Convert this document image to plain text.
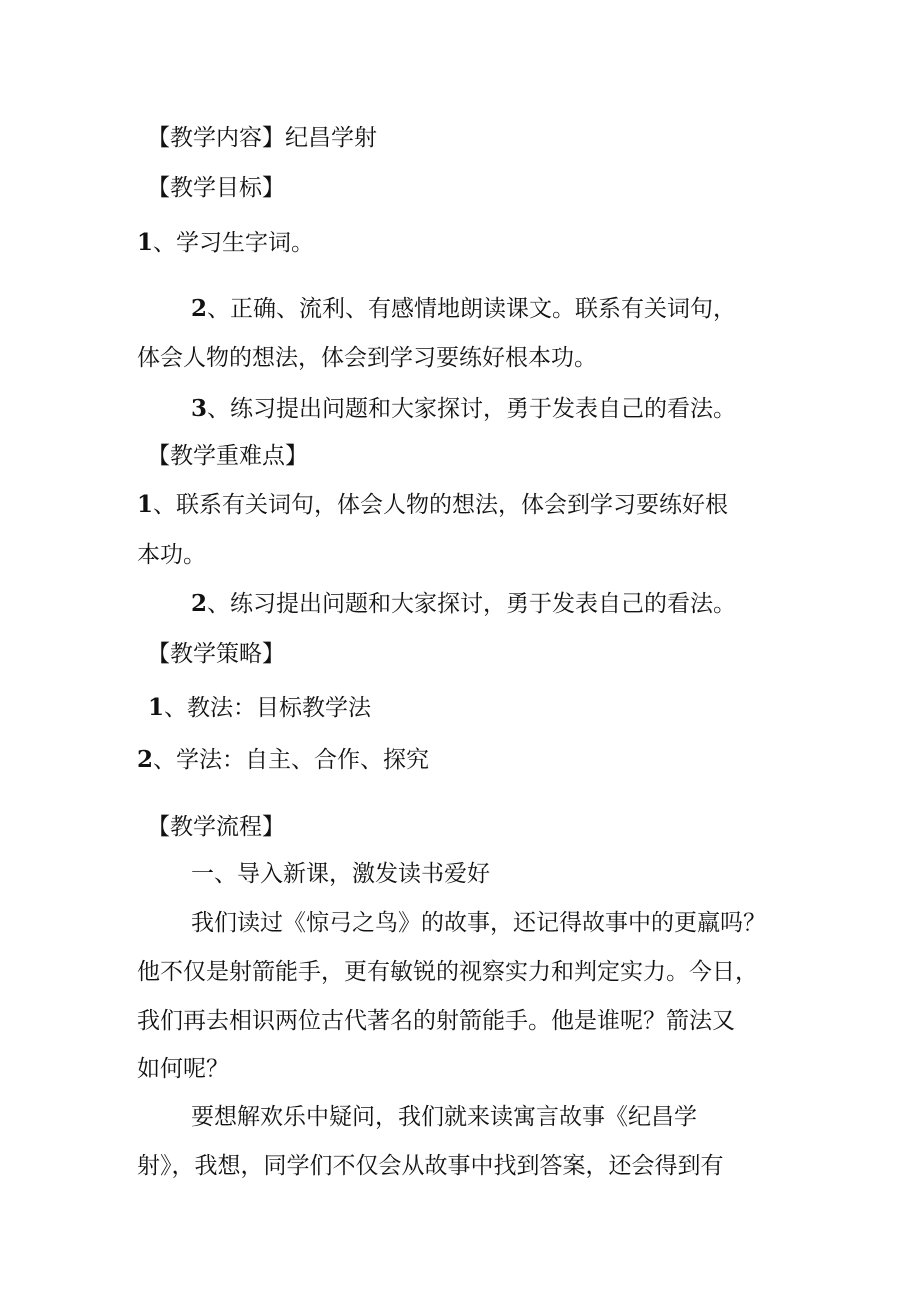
【教学内容】纪昌学射
【教学目标】
1、学习生字词。
2、正确、流利、有感情地朗读课文。联系有关词句，
体会人物的想法，体会到学习要练好根本功。
3、练习提出问题和大家探讨，勇于发表自己的看法。
【教学重难点】
1、联系有关词句，体会人物的想法，体会到学习要练好根
本功。
2、练习提出问题和大家探讨，勇于发表自己的看法。
【教学策略】
1、教法：目标教学法
2、学法：自主、合作、探究
【教学流程】
一、导入新课，激发读书爱好
我们读过《惊弓之鸟》的故事，还记得故事中的更羸吗？
他不仅是射箭能手，更有敏锐的视察实力和判定实力。今日，
我们再去相识两位古代著名的射箭能手。他是谁呢？箭法又
如何呢？
要想解欢乐中疑问，我们就来读寓言故事《纪昌学
射》，我想，同学们不仅会从故事中找到答案，还会得到有
